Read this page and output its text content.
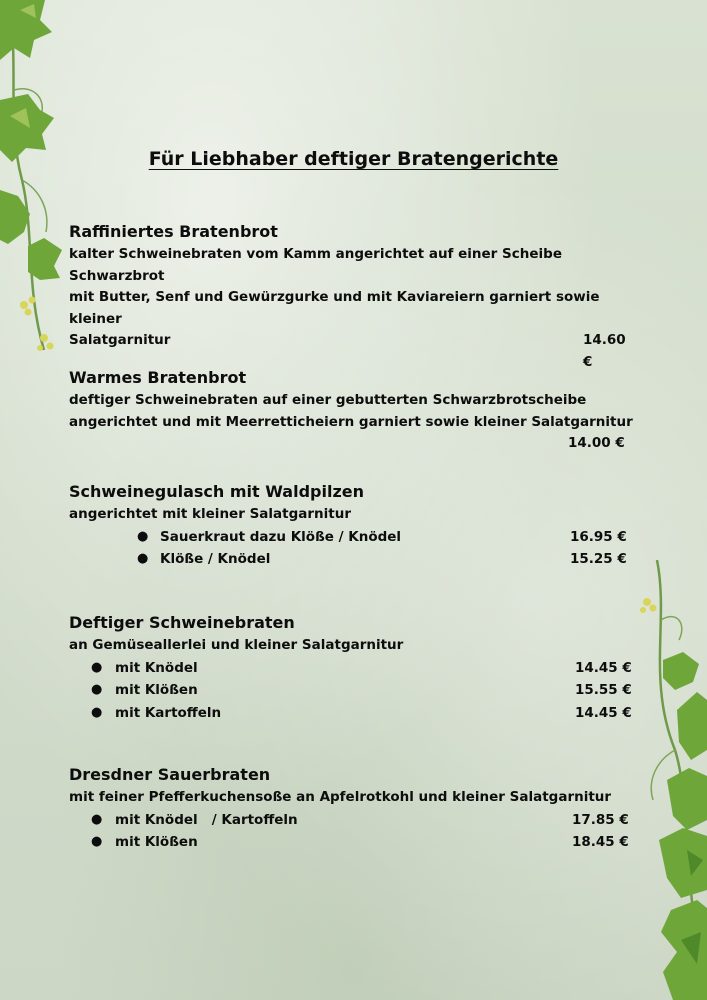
Für Liebhaber deftiger Bratengerichte
Raffiniertes Bratenbrot
kalter Schweinebraten vom Kamm angerichtet auf einer Scheibe Schwarzbrot
mit Butter, Senf und Gewürzgurke und mit Kaviareiern garniert sowie kleiner
Salatgarnitur	14.60 €
Warmes Bratenbrot
deftiger Schweinebraten auf einer gebutterten Schwarzbrotscheibe
angerichtet und mit Meerretticheiern garniert sowie kleiner Salatgarnitur
14.00 €
Schweinegulasch mit Waldpilzen
angerichtet mit kleiner Salatgarnitur
● Sauerkraut dazu Klöße / Knödel	16.95 €
● Klöße / Knödel	15.25 €
Deftiger Schweinebraten
an Gemüseallerlei und kleiner Salatgarnitur
● mit Knödel	14.45 €
● mit Klößen	15.55 €
● mit Kartoffeln	14.45 €
Dresdner Sauerbraten
mit feiner Pfefferkuchensoße an Apfelrotkohl und kleiner Salatgarnitur
● mit Knödel   / Kartoffeln	17.85 €
● mit Klößen	18.45 €
